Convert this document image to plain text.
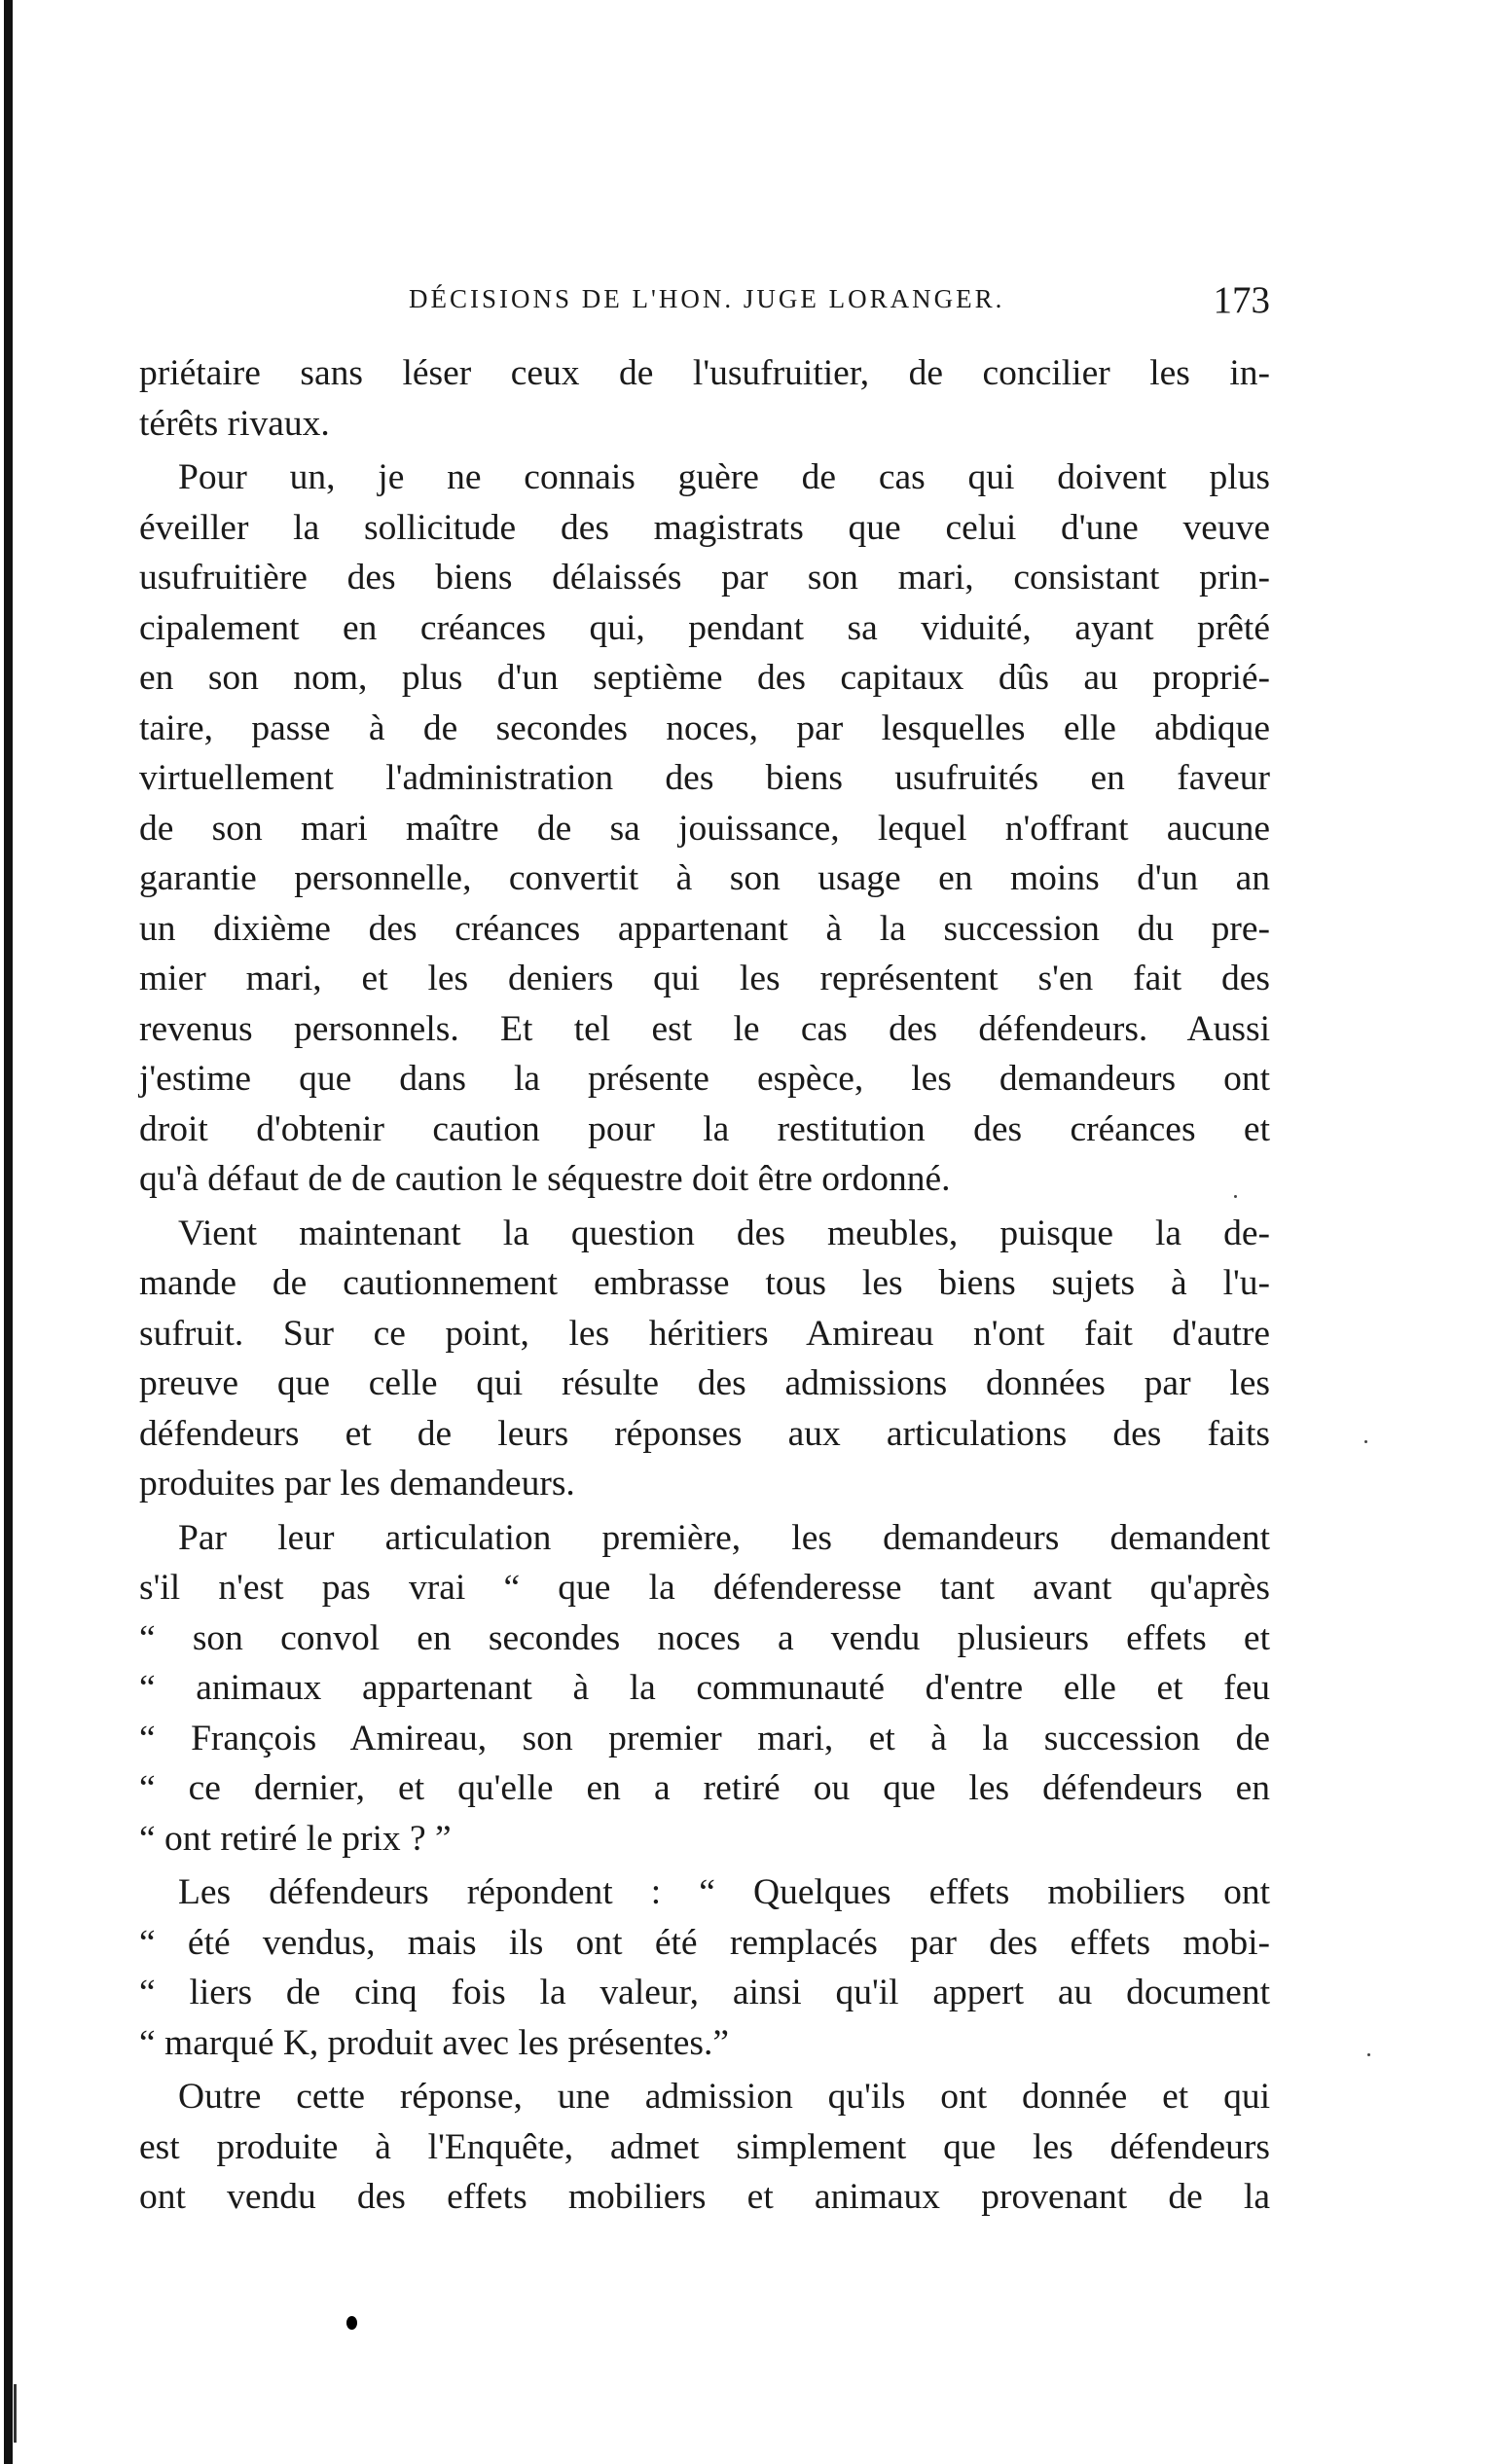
DÉCISIONS DE L'HON. JUGE LORANGER.	173
priétaire sans léser ceux de l'usufruitier, de concilier les in-
térêts rivaux.
Pour un, je ne connais guère de cas qui doivent plus
éveiller la sollicitude des magistrats que celui d'une veuve
usufruitière des biens délaissés par son mari, consistant prin-
cipalement en créances qui, pendant sa viduité, ayant prêté
en son nom, plus d'un septième des capitaux dûs au proprié-
taire, passe à de secondes noces, par lesquelles elle abdique
virtuellement l'administration des biens usufruités en faveur
de son mari maître de sa jouissance, lequel n'offrant aucune
garantie personnelle, convertit à son usage en moins d'un an
un dixième des créances appartenant à la succession du pre-
mier mari, et les deniers qui les représentent s'en fait des
revenus personnels. Et tel est le cas des défendeurs. Aussi
j'estime que dans la présente espèce, les demandeurs ont
droit d'obtenir caution pour la restitution des créances et
qu'à défaut de de caution le séquestre doit être ordonné.
Vient maintenant la question des meubles, puisque la de-
mande de cautionnement embrasse tous les biens sujets à l'u-
sufruit. Sur ce point, les héritiers Amireau n'ont fait d'autre
preuve que celle qui résulte des admissions données par les
défendeurs et de leurs réponses aux articulations des faits
produites par les demandeurs.
Par leur articulation première, les demandeurs demandent
s'il n'est pas vrai “ que la défenderesse tant avant qu'après
“ son convol en secondes noces a vendu plusieurs effets et
“ animaux appartenant à la communauté d'entre elle et feu
“ François Amireau, son premier mari, et à la succession de
“ ce dernier, et qu'elle en a retiré ou que les défendeurs en
“ ont retiré le prix ? ”
Les défendeurs répondent : “ Quelques effets mobiliers ont
“ été vendus, mais ils ont été remplacés par des effets mobi-
“ liers de cinq fois la valeur, ainsi qu'il appert au document
“ marqué K, produit avec les présentes.”
Outre cette réponse, une admission qu'ils ont donnée et qui
est produite à l'Enquête, admet simplement que les défendeurs
ont vendu des effets mobiliers et animaux provenant de la
